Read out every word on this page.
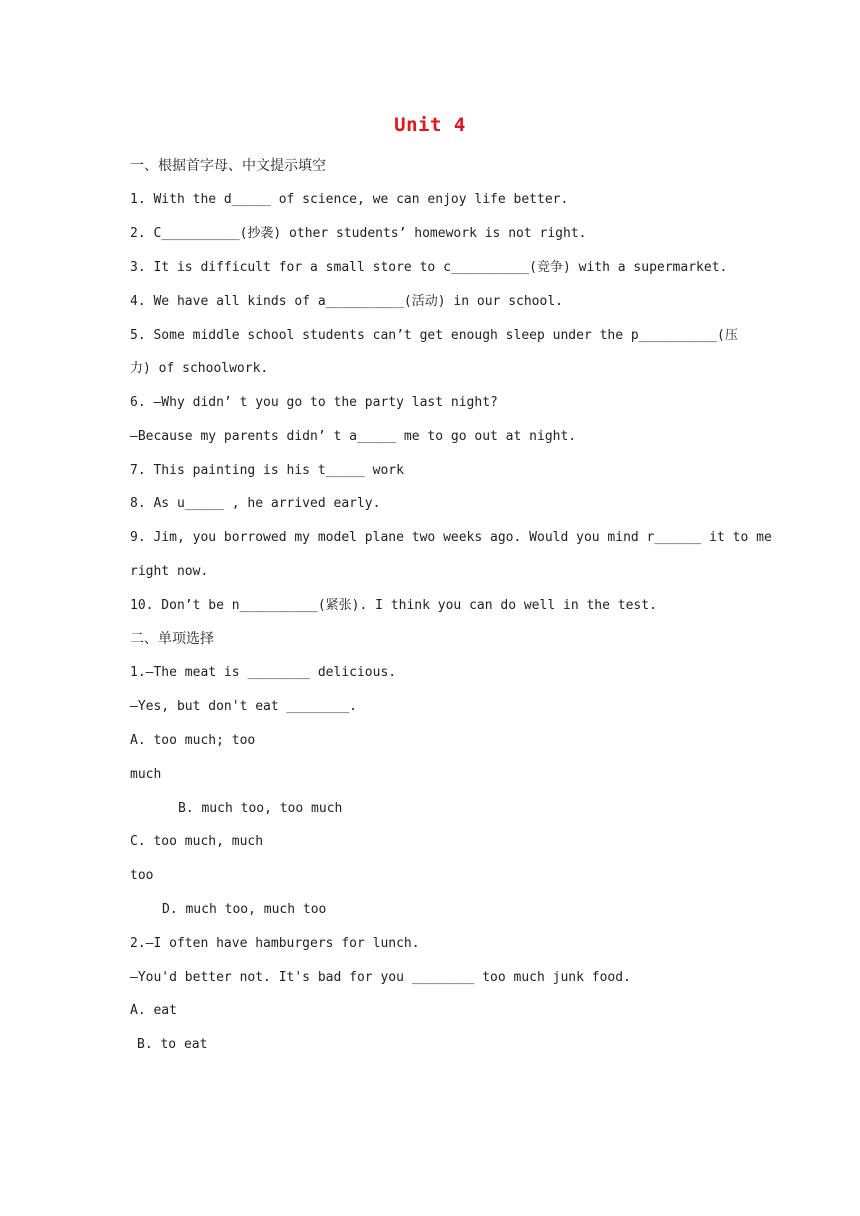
Unit 4
一、根据首字母、中文提示填空
1. With the d_____ of science, we can enjoy life better.
2. C__________(抄袭) other students’ homework is not right.
3. It is difficult for a small store to c__________(竞争) with a supermarket.
4. We have all kinds of a__________(活动) in our school.
5. Some middle school students can’t get enough sleep under the p__________(压
力) of schoolwork.
6. —Why didn’ t you go to the party last night?
—Because my parents didn’ t a_____ me to go out at night.
7. This painting is his t_____ work
8. As u_____ , he arrived early.
9. Jim, you borrowed my model plane two weeks ago. Would you mind r______ it to me
right now.
10. Don’t be n__________(紧张). I think you can do well in the test.
二、单项选择
1.—The meat is ________ delicious.
—Yes, but don't eat ________.
A. too much; too
much
B. much too, too much
C. too much, much
too
D. much too, much too
2.—I often have hamburgers for lunch.
—You'd better not. It's bad for you ________ too much junk food.
A. eat
B. to eat
